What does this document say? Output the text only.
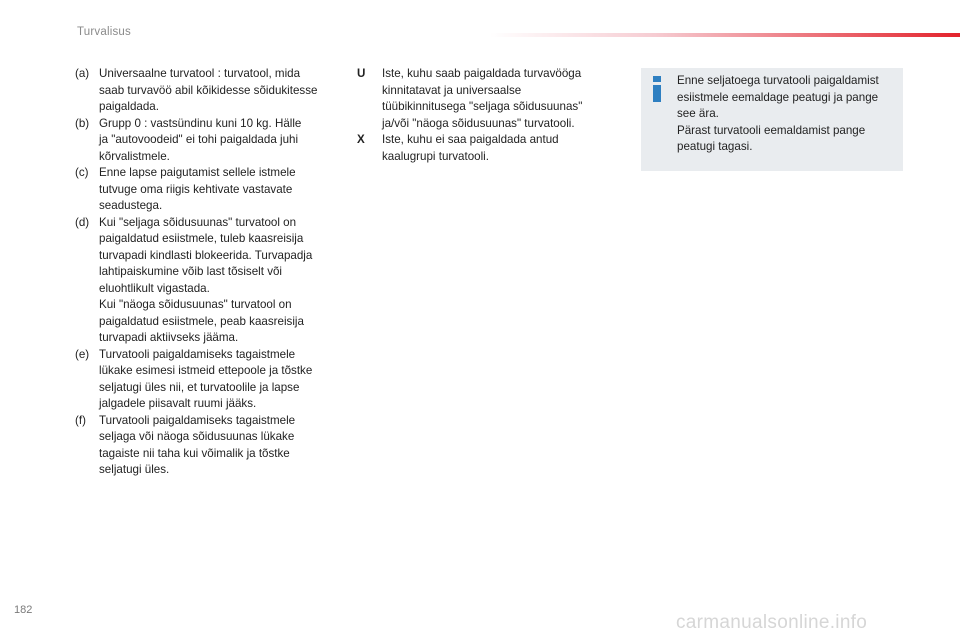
Turvalisus
(a) Universaalne turvatool : turvatool, mida
saab turvavöö abil kõikidesse sõidukitesse
paigaldada.
(b) Grupp 0 : vastsündinu kuni 10 kg. Hälle
ja "autovoodeid" ei tohi paigaldada juhi
kõrvalistmele.
(c) Enne lapse paigutamist sellele istmele
tutvuge oma riigis kehtivate vastavate
seadustega.
(d) Kui "seljaga sõidusuunas" turvatool on
paigaldatud esiistmele, tuleb kaasreisija
turvapadi kindlasti blokeerida. Turvapadja
lahtipaiskumine võib last tõsiselt või
eluohtlikult vigastada.
Kui "näoga sõidusuunas" turvatool on
paigaldatud esiistmele, peab kaasreisija
turvapadi aktiivseks jääma.
(e) Turvatooli paigaldamiseks tagaistmele
lükake esimesi istmeid ettepoole ja tõstke
seljatugi üles nii, et turvatoolile ja lapse
jalgadele piisavalt ruumi jääks.
(f)	Turvatooli paigaldamiseks tagaistmele
seljaga või näoga sõidusuunas lükake
tagaiste nii taha kui võimalik ja tõstke
seljatugi üles.
U	Iste, kuhu saab paigaldada turvavööga
kinnitatavat ja universaalse
tüübikinnitusega "seljaga sõidusuunas"
ja/või "näoga sõidusuunas" turvatooli.
X	Iste, kuhu ei saa paigaldada antud
kaalugrupi turvatooli.
Enne seljatoega turvatooli paigaldamist
esiistmele eemaldage peatugi ja pange
see ära.
Pärast turvatooli eemaldamist pange
peatugi tagasi.
182
carmanualsonline.info
